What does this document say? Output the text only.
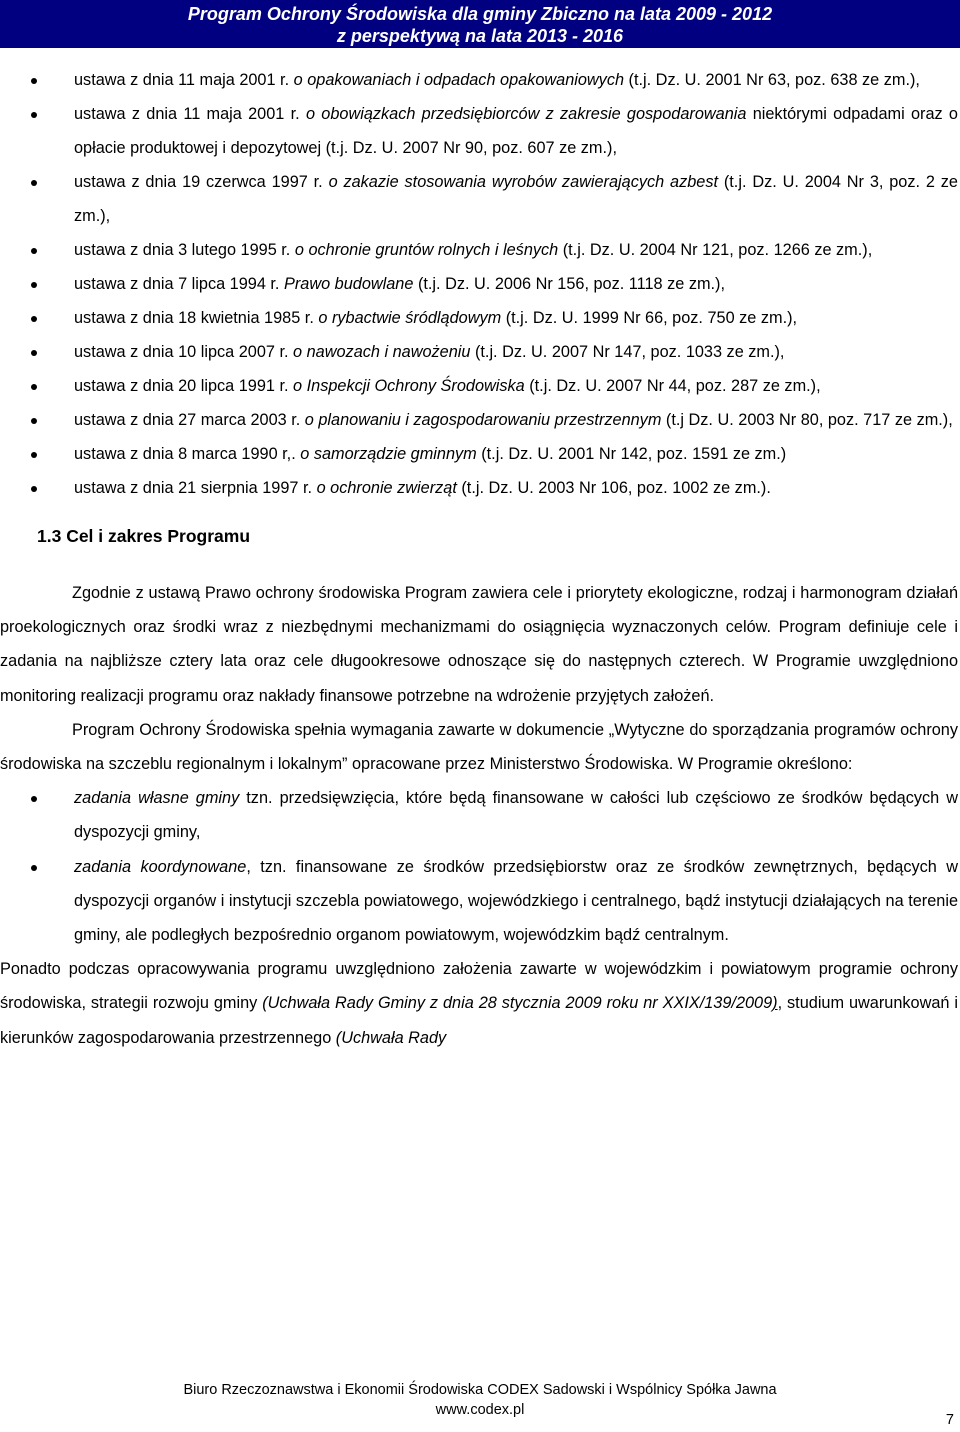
Program Ochrony Środowiska dla gminy Zbiczno na lata 2009 - 2012
z perspektywą na lata 2013 - 2016
ustawa z dnia 11 maja 2001 r. o opakowaniach i odpadach opakowaniowych (t.j. Dz. U. 2001 Nr 63, poz. 638 ze zm.),
ustawa z dnia 11 maja 2001 r. o obowiązkach przedsiębiorców z zakresie gospodarowania niektórymi odpadami oraz o opłacie produktowej i depozytowej (t.j. Dz. U. 2007 Nr 90, poz. 607 ze zm.),
ustawa z dnia 19 czerwca 1997 r. o zakazie stosowania wyrobów zawierających azbest (t.j. Dz. U. 2004 Nr 3, poz. 2 ze zm.),
ustawa z dnia 3 lutego 1995 r. o ochronie gruntów rolnych i leśnych (t.j. Dz. U. 2004 Nr 121, poz. 1266 ze zm.),
ustawa z dnia 7 lipca 1994 r. Prawo budowlane (t.j. Dz. U. 2006 Nr 156, poz. 1118 ze zm.),
ustawa z dnia 18 kwietnia 1985 r. o rybactwie śródlądowym (t.j. Dz. U. 1999 Nr 66, poz. 750 ze zm.),
ustawa z dnia 10 lipca 2007 r. o nawozach i nawożeniu (t.j. Dz. U. 2007 Nr 147, poz. 1033 ze zm.),
ustawa z dnia 20 lipca 1991 r. o Inspekcji Ochrony Środowiska (t.j. Dz. U. 2007 Nr 44, poz. 287 ze zm.),
ustawa z dnia 27 marca 2003 r. o planowaniu i zagospodarowaniu przestrzennym (t.j Dz. U. 2003 Nr 80, poz. 717 ze zm.),
ustawa z dnia 8 marca 1990 r,. o samorządzie gminnym (t.j. Dz. U. 2001 Nr 142, poz. 1591 ze zm.)
ustawa z dnia 21 sierpnia 1997 r. o ochronie zwierząt (t.j. Dz. U. 2003 Nr 106, poz. 1002 ze zm.).
1.3 Cel i zakres Programu

Zgodnie z ustawą Prawo ochrony środowiska Program zawiera cele i priorytety ekologiczne, rodzaj i harmonogram działań proekologicznych oraz środki wraz z niezbędnymi mechanizmami do osiągnięcia wyznaczonych celów. Program definiuje cele i zadania na najbliższe cztery lata oraz cele długookresowe odnoszące się do następnych czterech. W Programie uwzględniono monitoring realizacji programu oraz nakłady finansowe potrzebne na wdrożenie przyjętych założeń.

Program Ochrony Środowiska spełnia wymagania zawarte w dokumencie „Wytyczne do sporządzania programów ochrony środowiska na szczeblu regionalnym i lokalnym” opracowane przez Ministerstwo Środowiska. W Programie określono:

zadania własne gminy tzn. przedsięwzięcia, które będą finansowane w całości lub częściowo ze środków będących w dyspozycji gminy,
zadania koordynowane, tzn. finansowane ze środków przedsiębiorstw oraz ze środków zewnętrznych, będących w dyspozycji organów i instytucji szczebla powiatowego, wojewódzkiego i centralnego, bądź instytucji działających na terenie gminy, ale podległych bezpośrednio organom powiatowym, wojewódzkim bądź centralnym.

Ponadto podczas opracowywania programu uwzględniono założenia zawarte w wojewódzkim i powiatowym programie ochrony środowiska, strategii rozwoju gminy (Uchwała Rady Gminy z dnia 28 stycznia 2009 roku nr XXIX/139/2009), studium uwarunkowań i kierunków zagospodarowania przestrzennego (Uchwała Rady

Biuro Rzeczoznawstwa i Ekonomii Środowiska CODEX Sadowski i Wspólnicy Spółka Jawna
www.codex.pl
7
